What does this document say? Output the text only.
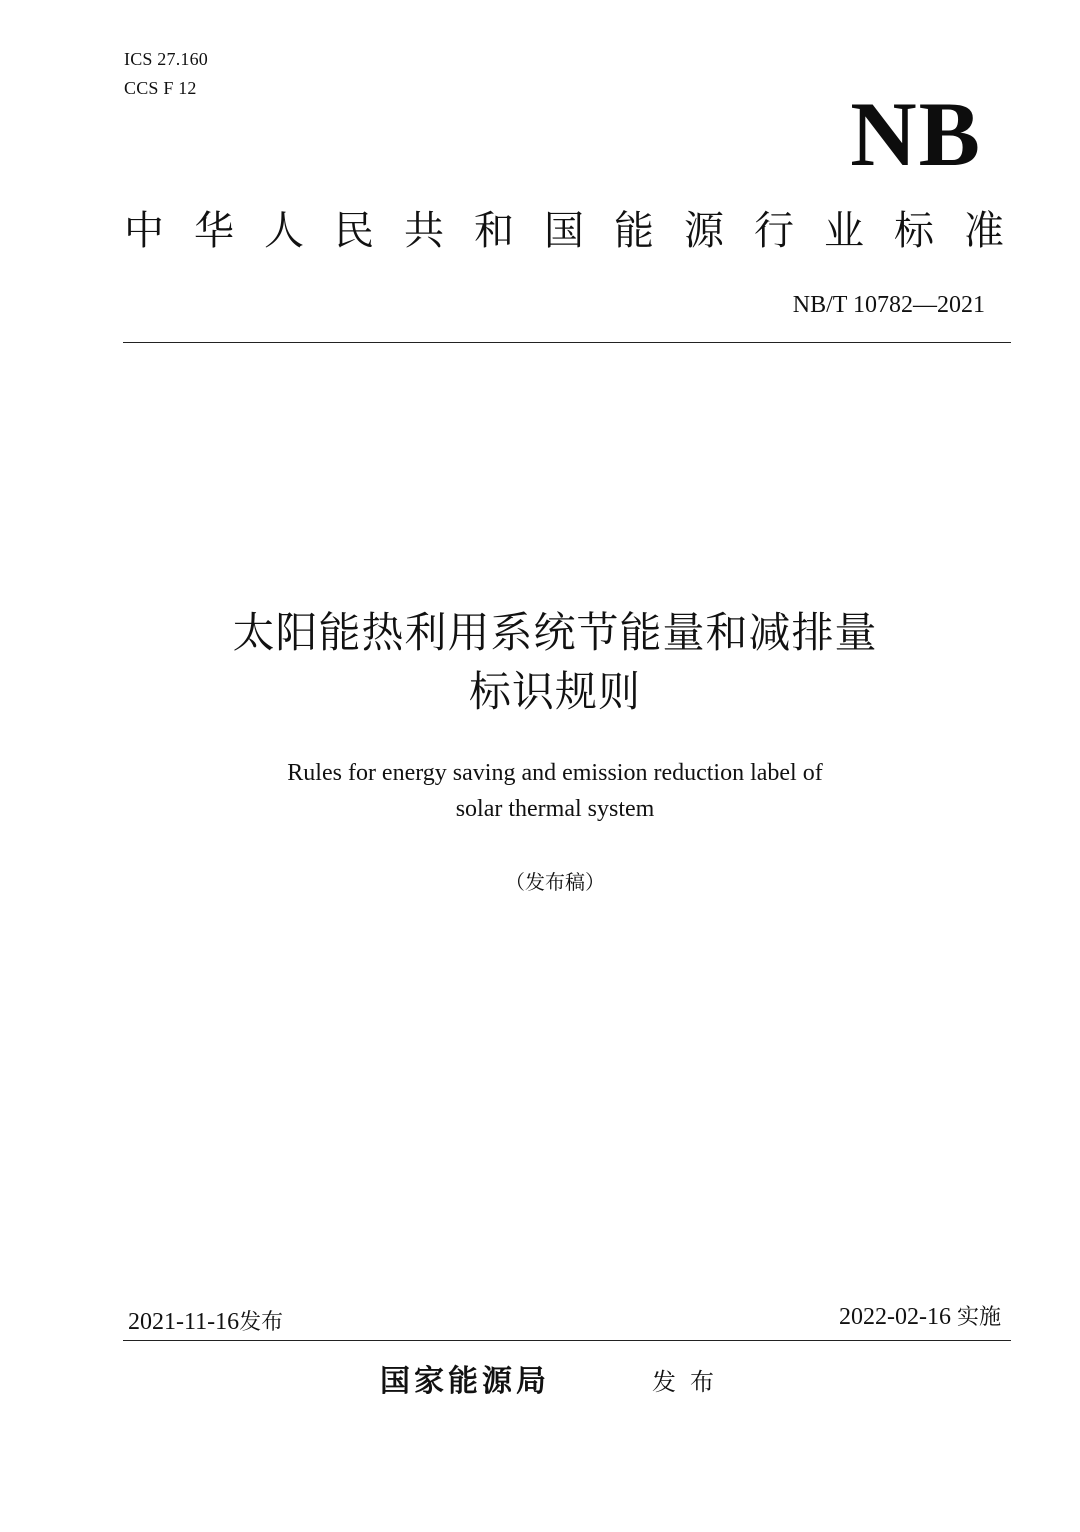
ICS 27.160
CCS F 12	NB
中华人民共和国能源行业标准
NB/T 10782—2021
太阳能热利用系统节能量和减排量
标识规则
Rules for energy saving and emission reduction label of
solar thermal system
（发布稿）
2021-11-16发布	2022-02-16 实施
国家能源局	发布
